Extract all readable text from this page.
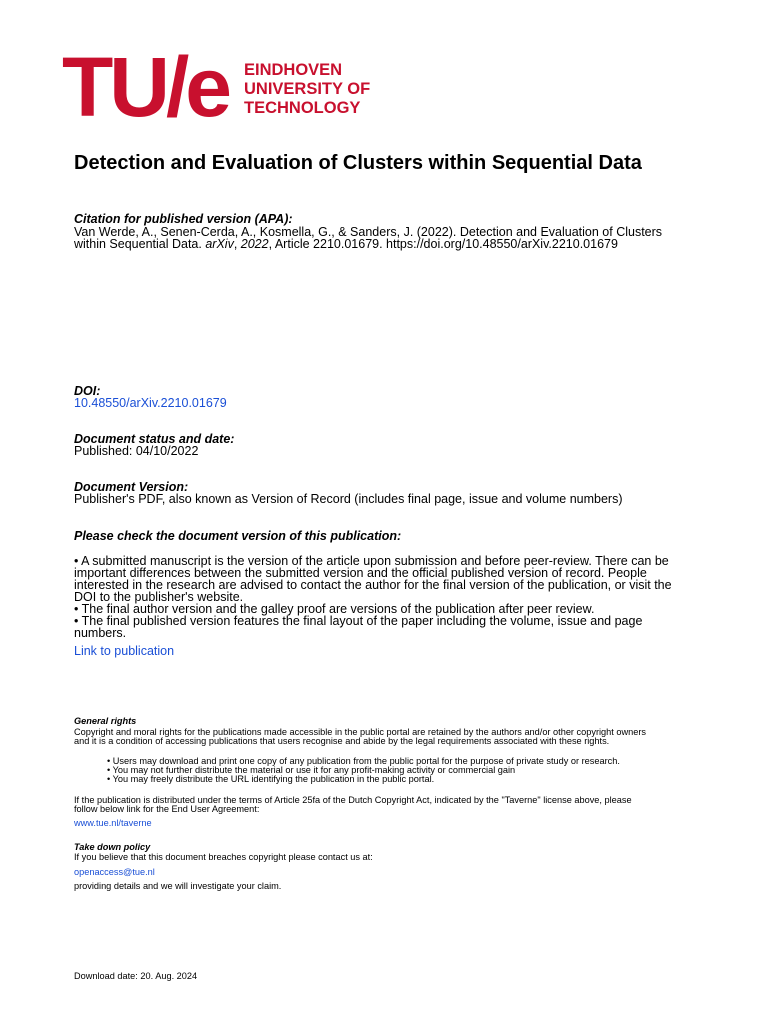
TU/e EINDHOVEN
UNIVERSITY OF
TECHNOLOGY
Detection and Evaluation of Clusters within Sequential Data
Citation for published version (APA):
Van Werde, A., Senen-Cerda, A., Kosmella, G., & Sanders, J. (2022). Detection and Evaluation of Clusters
within Sequential Data. arXiv, 2022, Article 2210.01679. https://doi.org/10.48550/arXiv.2210.01679
DOI:
10.48550/arXiv.2210.01679
Document status and date:
Published: 04/10/2022
Document Version:
Publisher's PDF, also known as Version of Record (includes final page, issue and volume numbers)
Please check the document version of this publication:
• A submitted manuscript is the version of the article upon submission and before peer-review. There can be
important differences between the submitted version and the official published version of record. People
interested in the research are advised to contact the author for the final version of the publication, or visit the
DOI to the publisher's website.
• The final author version and the galley proof are versions of the publication after peer review.
• The final published version features the final layout of the paper including the volume, issue and page
numbers.
Link to publication
General rights
Copyright and moral rights for the publications made accessible in the public portal are retained by the authors and/or other copyright owners
and it is a condition of accessing publications that users recognise and abide by the legal requirements associated with these rights.
• Users may download and print one copy of any publication from the public portal for the purpose of private study or research.
• You may not further distribute the material or use it for any profit-making activity or commercial gain
• You may freely distribute the URL identifying the publication in the public portal.
If the publication is distributed under the terms of Article 25fa of the Dutch Copyright Act, indicated by the "Taverne" license above, please
follow below link for the End User Agreement:
www.tue.nl/taverne
Take down policy
If you believe that this document breaches copyright please contact us at:
openaccess@tue.nl
providing details and we will investigate your claim.
Download date: 20. Aug. 2024
